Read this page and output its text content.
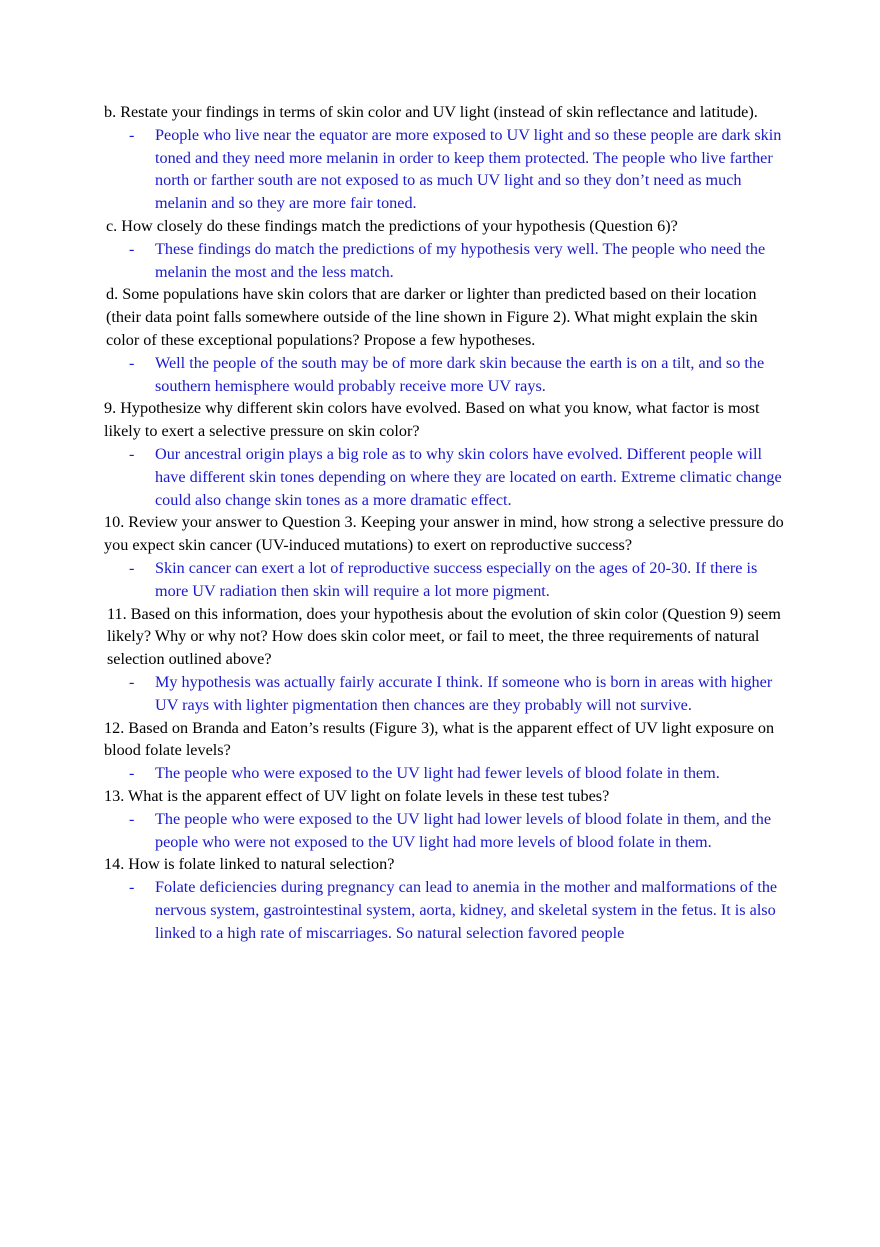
b. Restate your findings in terms of skin color and UV light (instead of skin reflectance and latitude).

- People who live near the equator are more exposed to UV light and so these people are dark skin toned and they need more melanin in order to keep them protected. The people who live farther north or farther south are not exposed to as much UV light and so they don’t need as much melanin and so they are more fair toned.

c. How closely do these findings match the predictions of your hypothesis (Question 6)?

- These findings do match the predictions of my hypothesis very well. The people who need the melanin the most and the less match.

d. Some populations have skin colors that are darker or lighter than predicted based on their location (their data point falls somewhere outside of the line shown in Figure 2). What might explain the skin color of these exceptional populations? Propose a few hypotheses.

- Well the people of the south may be of more dark skin because the earth is on a tilt, and so the southern hemisphere would probably receive more UV rays.

9. Hypothesize why different skin colors have evolved. Based on what you know, what factor is most likely to exert a selective pressure on skin color?

- Our ancestral origin plays a big role as to why skin colors have evolved. Different people will have different skin tones depending on where they are located on earth. Extreme climatic change could also change skin tones as a more dramatic effect.

10. Review your answer to Question 3. Keeping your answer in mind, how strong a selective pressure do you expect skin cancer (UV-induced mutations) to exert on reproductive success?

- Skin cancer can exert a lot of reproductive success especially on the ages of 20-30. If there is more UV radiation then skin will require a lot more pigment.

11. Based on this information, does your hypothesis about the evolution of skin color (Question 9) seem likely? Why or why not? How does skin color meet, or fail to meet, the three requirements of natural selection outlined above?

- My hypothesis was actually fairly accurate I think. If someone who is born in areas with higher UV rays with lighter pigmentation then chances are they probably will not survive.

12. Based on Branda and Eaton’s results (Figure 3), what is the apparent effect of UV light exposure on blood folate levels?

- The people who were exposed to the UV light had fewer levels of blood folate in them.

13. What is the apparent effect of UV light on folate levels in these test tubes?

- The people who were exposed to the UV light had lower levels of blood folate in them, and the people who were not exposed to the UV light had more levels of blood folate in them.

14. How is folate linked to natural selection?

- Folate deficiencies during pregnancy can lead to anemia in the mother and malformations of the nervous system, gastrointestinal system, aorta, kidney, and skeletal system in the fetus. It is also linked to a high rate of miscarriages. So natural selection favored people
